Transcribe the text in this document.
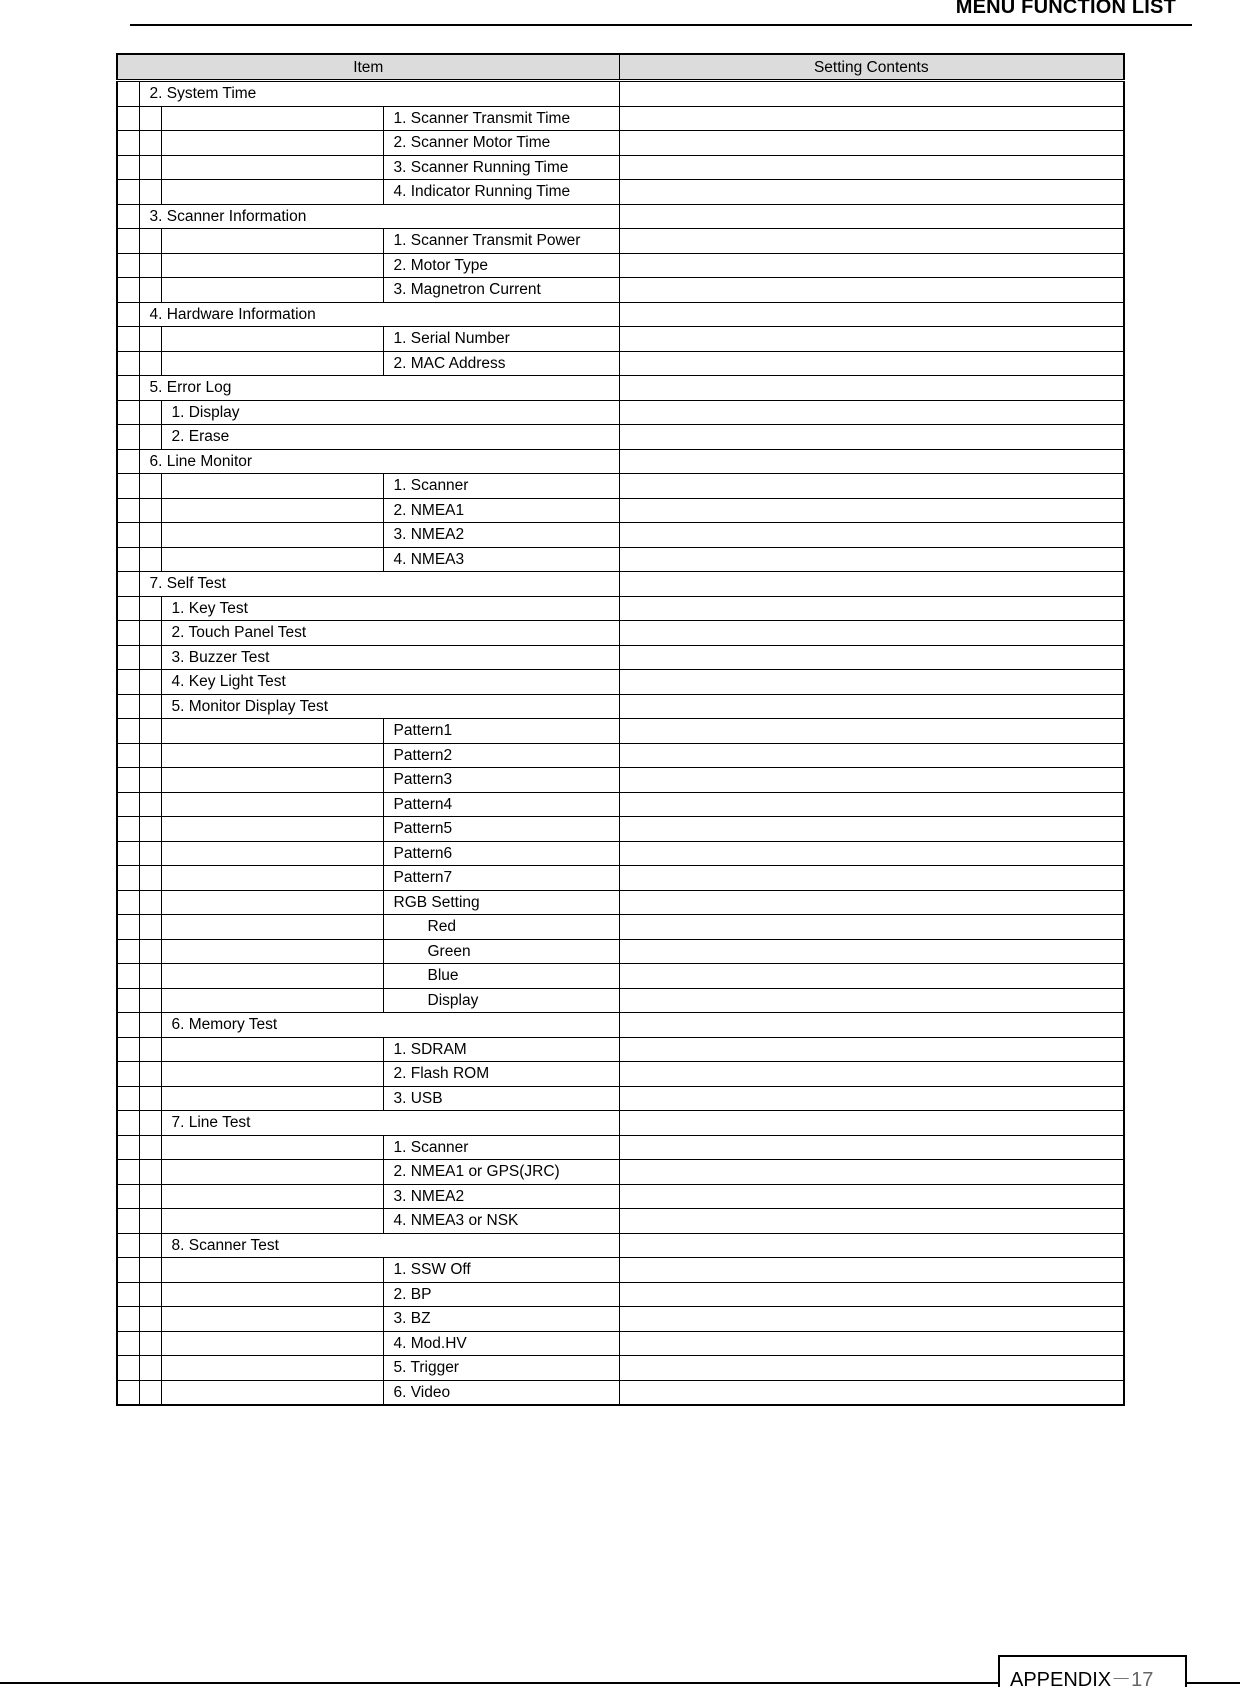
MENU FUNCTION LIST
Item				Setting Contents
	2. System Time			
			1. Scanner Transmit Time	
			2. Scanner Motor Time	
			3. Scanner Running Time	
			4. Indicator Running Time	
	3. Scanner Information			
			1. Scanner Transmit Power	
			2. Motor Type	
			3. Magnetron Current	
	4. Hardware Information			
			1. Serial Number	
			2. MAC Address	
	5. Error Log			
		1. Display		
		2. Erase		
	6. Line Monitor			
			1. Scanner	
			2. NMEA1	
			3. NMEA2	
			4. NMEA3	
	7. Self Test			
		1. Key Test		
		2. Touch Panel Test		
		3. Buzzer Test		
		4. Key Light Test		
		5. Monitor Display Test		
			Pattern1	
			Pattern2	
			Pattern3	
			Pattern4	
			Pattern5	
			Pattern6	
			Pattern7	
			RGB Setting	
			Red	
			Green	
			Blue	
			Display	
		6. Memory Test		
			1. SDRAM	
			2. Flash ROM	
			3. USB	
		7. Line Test		
			1. Scanner	
			2. NMEA1 or GPS(JRC)	
			3. NMEA2	
			4. NMEA3 or NSK	
		8. Scanner Test		
			1. SSW Off	
			2. BP	
			3. BZ	
			4. Mod.HV	
			5. Trigger	
			6. Video	
APPENDIX－17
